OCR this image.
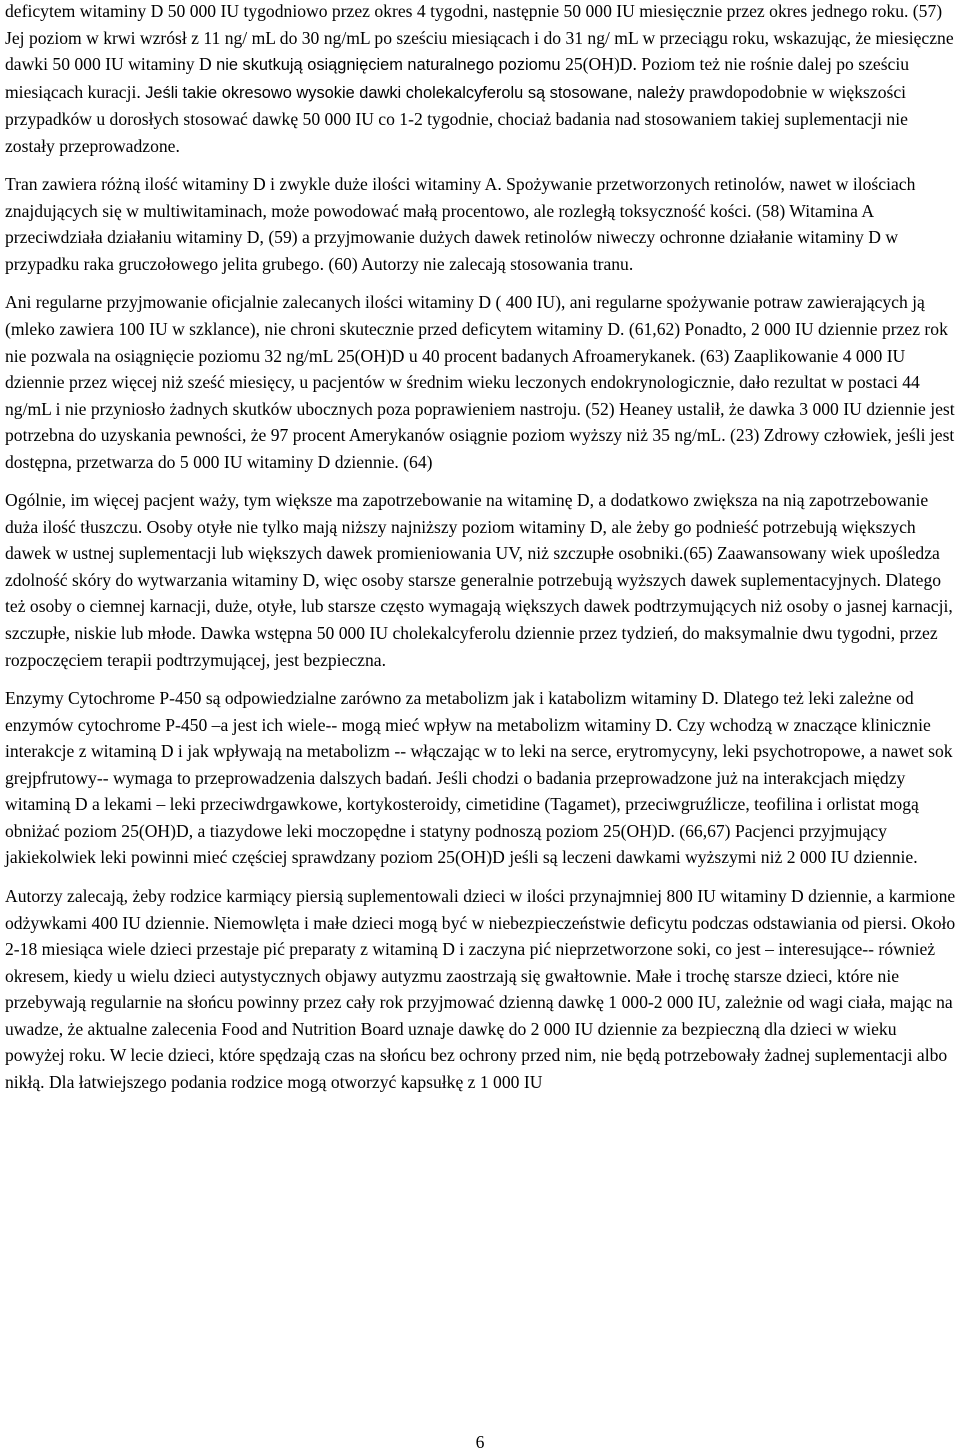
deficytem witaminy D 50 000 IU tygodniowo przez okres 4 tygodni, następnie 50 000 IU miesięcznie przez okres jednego roku. (57) Jej poziom w krwi wzrósł z 11 ng/ mL do 30 ng/mL po sześciu miesiącach i do 31 ng/ mL w przeciągu roku, wskazując, że miesięczne dawki 50 000 IU witaminy D nie skutkują osiągnięciem naturalnego poziomu 25(OH)D. Poziom też nie rośnie dalej po sześciu miesiącach kuracji. Jeśli takie okresowo wysokie dawki cholekalcyferolu są stosowane, należy prawdopodobnie w większości przypadków u dorosłych stosować dawkę 50 000 IU co 1-2 tygodnie, chociaż badania nad stosowaniem takiej suplementacji nie zostały przeprowadzone.

Tran zawiera różną ilość witaminy D i zwykle duże ilości witaminy A. Spożywanie przetworzonych retinolów, nawet w ilościach znajdujących się w multiwitaminach, może powodować małą procentowo, ale rozległą toksyczność kości. (58) Witamina A przeciwdziała działaniu witaminy D, (59) a przyjmowanie dużych dawek retinolów niweczy ochronne działanie witaminy D w przypadku raka gruczołowego jelita grubego. (60) Autorzy nie zalecają stosowania tranu.

Ani regularne przyjmowanie oficjalnie zalecanych ilości witaminy D ( 400 IU), ani regularne spożywanie potraw zawierających ją (mleko zawiera 100 IU w szklance), nie chroni skutecznie przed deficytem witaminy D. (61,62) Ponadto, 2 000 IU dziennie przez rok nie pozwala na osiągnięcie poziomu 32 ng/mL 25(OH)D u 40 procent badanych Afroamerykanek. (63) Zaaplikowanie 4 000 IU dziennie przez więcej niż sześć miesięcy, u pacjentów w średnim wieku leczonych endokrynologicznie, dało rezultat w postaci 44 ng/mL i nie przyniosło żadnych skutków ubocznych poza poprawieniem nastroju. (52) Heaney ustalił, że dawka 3 000 IU dziennie jest potrzebna do uzyskania pewności, że 97 procent Amerykanów osiągnie poziom wyższy niż 35 ng/mL. (23) Zdrowy człowiek, jeśli jest dostępna, przetwarza do 5 000 IU witaminy D dziennie. (64)

Ogólnie, im więcej pacjent waży, tym większe ma zapotrzebowanie na witaminę D, a dodatkowo zwiększa na nią zapotrzebowanie duża ilość tłuszczu. Osoby otyłe nie tylko mają niższy najniższy poziom witaminy D, ale żeby go podnieść potrzebują większych dawek w ustnej suplementacji lub większych dawek promieniowania UV, niż szczupłe osobniki.(65) Zaawansowany wiek upośledza zdolność skóry do wytwarzania witaminy D, więc osoby starsze generalnie potrzebują wyższych dawek suplementacyjnych. Dlatego też osoby o ciemnej karnacji, duże, otyłe, lub starsze często wymagają większych dawek podtrzymujących niż osoby o jasnej karnacji, szczupłe, niskie lub młode. Dawka wstępna 50 000 IU cholekalcyferolu dziennie przez tydzień, do maksymalnie dwu tygodni, przez rozpoczęciem terapii podtrzymującej, jest bezpieczna.

Enzymy Cytochrome P-450 są odpowiedzialne zarówno za metabolizm jak i katabolizm witaminy D. Dlatego też leki zależne od enzymów cytochrome P-450 –a jest ich wiele-- mogą mieć wpływ na metabolizm witaminy D. Czy wchodzą w znaczące klinicznie interakcje z witaminą D i jak wpływają na metabolizm -- włączając w to leki na serce, erytromycyny, leki psychotropowe, a nawet sok grejpfrutowy-- wymaga to przeprowadzenia dalszych badań. Jeśli chodzi o badania przeprowadzone już na interakcjach między witaminą D a lekami – leki przeciwdrgawkowe, kortykosteroidy, cimetidine (Tagamet), przeciwgruźlicze, teofilina i orlistat mogą obniżać poziom 25(OH)D, a tiazydowe leki moczopędne i statyny podnoszą poziom 25(OH)D. (66,67) Pacjenci przyjmujący jakiekolwiek leki powinni mieć częściej sprawdzany poziom 25(OH)D jeśli są leczeni dawkami wyższymi niż 2 000 IU dziennie.

Autorzy zalecają, żeby rodzice karmiący piersią suplementowali dzieci w ilości przynajmniej 800 IU witaminy D dziennie, a karmione odżywkami 400 IU dziennie. Niemowlęta i małe dzieci mogą być w niebezpieczeństwie deficytu podczas odstawiania od piersi. Około 2-18 miesiąca wiele dzieci przestaje pić preparaty z witaminą D i zaczyna pić nieprzetworzone soki, co jest – interesujące-- również okresem, kiedy u wielu dzieci autystycznych objawy autyzmu zaostrzają się gwałtownie. Małe i trochę starsze dzieci, które nie przebywają regularnie na słońcu powinny przez cały rok przyjmować dzienną dawkę 1 000-2 000 IU, zależnie od wagi ciała, mając na uwadze, że aktualne zalecenia Food and Nutrition Board uznaje dawkę do 2 000 IU dziennie za bezpieczną dla dzieci w wieku powyżej roku. W lecie dzieci, które spędzają czas na słońcu bez ochrony przed nim, nie będą potrzebowały żadnej suplementacji albo nikłą. Dla łatwiejszego podania rodzice mogą otworzyć kapsułkę z 1 000 IU

6
